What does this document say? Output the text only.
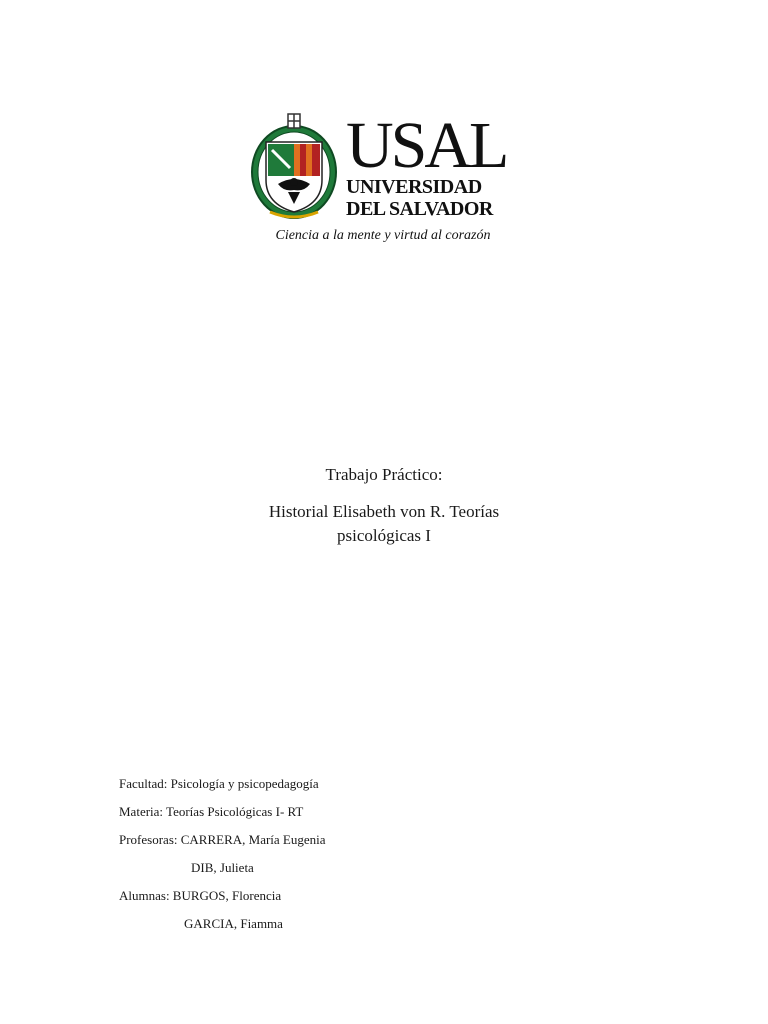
USAL
UNIVERSIDAD
DEL SALVADOR
Ciencia a la mente y virtud al corazón
Trabajo Práctico:
Historial Elisabeth von R. Teorías
psicológicas I
Facultad: Psicología y psicopedagogía
Materia: Teorías Psicológicas I- RT
Profesoras: CARRERA, María Eugenia
DIB, Julieta
Alumnas: BURGOS, Florencia
GARCIA, Fiamma
